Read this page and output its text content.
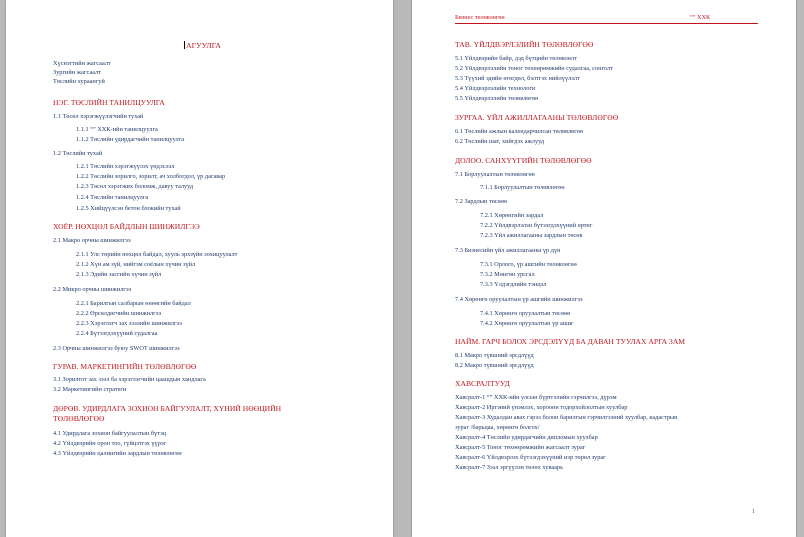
АГУУЛГА
Хүснэгтийн жагсаалт
Зургийн жагсаалт
Төслийн хураангуй
НЭГ. ТӨСЛИЙН ТАНИЛЦУУЛГА
1.1 Төсөл хэрэгжүүлэгчийн тухай
1.1.1 “” ХХК-ийн танилцуулга
1.1.2 Төслийн удирдагчийн танилцуулга
1.2 Төслийн тухай
1.2.1 Төслийн хэрэгжүүлэх үндэслэл
1.2.2 Төслийн зорилго, зорилт, ач холбогдол, үр дагавар
1.2.3 Төсөл хэрэгжих боломж, давуу талууд
1.2.4 Төслийн танилцуулга
1.2.5 Хийцүүлсэн бетон блокийн тухай
ХОЁР. НӨХЦӨЛ БАЙДЛЫН ШИНЖИЛГЭЭ
2.1 Макро орчны шинжилгээ
2.1.1 Улс төрийн нөхцөл байдал, хууль эрхзүйн зохицуулалт
2.1.2 Хүн ам зүй, нийгэм соёлын хүчин зүйл
2.1.3 Эдийн засгийн хүчин зүйл
2.2 Микро орчны шинжилгээ
2.2.1 Барилгын салбарын өнөөгийн байдал
2.2.2 Өрсөлдөгчийн шинжилгээ
2.2.3 Хэрэглэгч зах зээлийн шинжилгээ
2.2.4 Бүтээгдэхүүний судалгаа
2.3 Орчны шинжилгээ буюу SWOT шинжилгээ
ГУРАВ. МАРКЕТИНГИЙН ТӨЛӨВЛӨГӨӨ
3.1 Зорилтот зах зээл ба хэрэглэгчийн цаашдын хандлага
3.2 Маркетингийн стратеги
ДӨРӨВ. УДИРДЛАГА ЗОХИОН БАЙГУУЛАЛТ, ХҮНИЙ НӨӨЦИЙН
ТӨЛӨВЛӨГӨӨ
4.1 Удирдлага зохион байгуулалтын бүтэц
4.2 Үйлдвэрийн орон тоо, гүйцэтгэх үүрэг
4.3 Үйлдвэрийн цалингийн зардлын төлөвлөгөө
Бизнес төлөвлөгөө	“” ХХК
ТАВ. ҮЙЛДВЭРЛЭЛИЙН ТӨЛӨВЛӨГӨӨ
5.1 Үйлдвэрийн байр, дэд бүтцийн төлөвлөлт
5.2 Үйлдвэрлэлийн тоног төхөөрөмжийн судалгаа, сонголт
5.3 Түүхий эдийн өгөгдөл, бэлтгэх нийлүүлэлт
5.4 Үйлдвэрлэлийн технологи
5.5 Үйлдвэрлэлийн төлөвлөгөө
ЗУРГАА. ҮЙЛ АЖИЛЛАГААНЫ ТӨЛӨВЛӨГӨӨ
6.1 Төслийн ажлын календарчилсан төлөвлөгөө
6.2 Төслийн шат, хийгдэх ажлууд
ДОЛОО. САНХҮҮГИЙН ТӨЛӨВЛӨГӨӨ
7.1 Борлуулалтын төлөвлөгөө
7.1.1 Борлуулалтын төлөвлөгөө
7.2 Зардлын төсөөө
7.2.1 Хөрөнгийн зардал
7.2.2 Үйлдвэрлэлэн бүтээгдэхүүний өртөг
7.2.3 Үйл ажиллагааны зардлын төсөв
7.3 Бизнесийн үйл ажиллагааны үр дүн
7.3.1 Орлого, үр ашгийн төлөвлөгөө
7.3.2 Мөнгөн урсгал
7.3.3 Үлдэгдлийн тэнцэл
7.4 Хөрөнгө оруулалтын үр ашгийн шинжилгээ
7.4.1 Хөрөнгө оруулалтын төсөөө
7.4.2 Хөрөнгө оруулалтын үр ашиг
НАЙМ. ГАРЧ БОЛОХ ЭРСДЭЛҮҮД БА ДАВАН ТУУЛАХ АРГА ЗАМ
8.1 Макро түвшний эрсдлүүд
8.2 Макро түвшний эрсдлүүд
ХАВСРАЛТУУД
Хавсралт-1 “” ХХК-ийн улсын бүртгэлийн гэрчилгээ, дүрэм
Хавсралт-2 Иргэний үнэмлэх, хороонн тодорхойлолтын хуулбар
Хавсралт-3 Худалдан авах гэрээ болон барилгын гэрчилгээний хуулбар, кадастрын
зураг /барьцаа, хөрөнгө болгох/
Хавсралт-4 Төслийн удирдагчийн дипломын хуулбар
Хавсралт-5 Тоног төхөөрөмжийн жагсаалт зураг
Хавсралт-6 Үйлдвэрлэх бүтээгдэхүүний нэр төрөл зураг
Хавсралт-7 Зээл эргүүлэн төлөх хуваарь
1
